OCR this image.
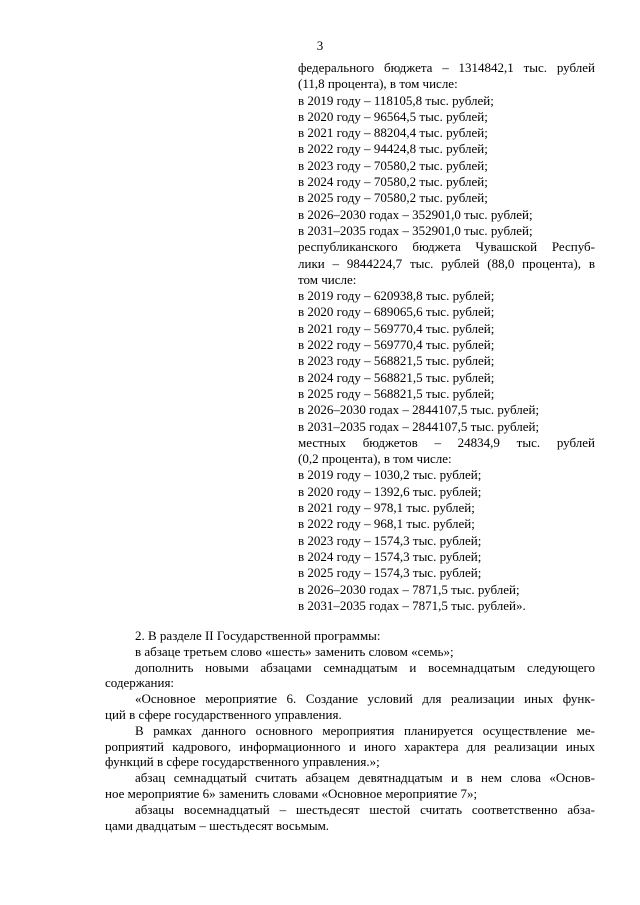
3
федерального бюджета – 1314842,1 тыс. рублей
(11,8 процента), в том числе:
в 2019 году – 118105,8 тыс. рублей;
в 2020 году – 96564,5 тыс. рублей;
в 2021 году – 88204,4 тыс. рублей;
в 2022 году – 94424,8 тыс. рублей;
в 2023 году – 70580,2 тыс. рублей;
в 2024 году – 70580,2 тыс. рублей;
в 2025 году – 70580,2 тыс. рублей;
в 2026–2030 годах – 352901,0 тыс. рублей;
в 2031–2035 годах – 352901,0 тыс. рублей;
республиканского бюджета Чувашской Респуб-
лики – 9844224,7 тыс. рублей (88,0 процента), в
том числе:
в 2019 году – 620938,8 тыс. рублей;
в 2020 году – 689065,6 тыс. рублей;
в 2021 году – 569770,4 тыс. рублей;
в 2022 году – 569770,4 тыс. рублей;
в 2023 году – 568821,5 тыс. рублей;
в 2024 году – 568821,5 тыс. рублей;
в 2025 году – 568821,5 тыс. рублей;
в 2026–2030 годах – 2844107,5 тыс. рублей;
в 2031–2035 годах – 2844107,5 тыс. рублей;
местных бюджетов – 24834,9 тыс. рублей
(0,2 процента), в том числе:
в 2019 году – 1030,2 тыс. рублей;
в 2020 году – 1392,6 тыс. рублей;
в 2021 году – 978,1 тыс. рублей;
в 2022 году – 968,1 тыс. рублей;
в 2023 году – 1574,3 тыс. рублей;
в 2024 году – 1574,3 тыс. рублей;
в 2025 году – 1574,3 тыс. рублей;
в 2026–2030 годах – 7871,5 тыс. рублей;
в 2031–2035 годах – 7871,5 тыс. рублей».
2. В разделе II Государственной программы:
в абзаце третьем слово «шесть» заменить словом «семь»;
дополнить новыми абзацами семнадцатым и восемнадцатым следующего
содержания:
«Основное мероприятие 6. Создание условий для реализации иных функ-
ций в сфере государственного управления.
В рамках данного основного мероприятия планируется осуществление ме-
роприятий кадрового, информационного и иного характера для реализации иных
функций в сфере государственного управления.»;
абзац семнадцатый считать абзацем девятнадцатым и в нем слова «Основ-
ное мероприятие 6» заменить словами «Основное мероприятие 7»;
абзацы восемнадцатый – шестьдесят шестой считать соответственно абза-
цами двадцатым – шестьдесят восьмым.
